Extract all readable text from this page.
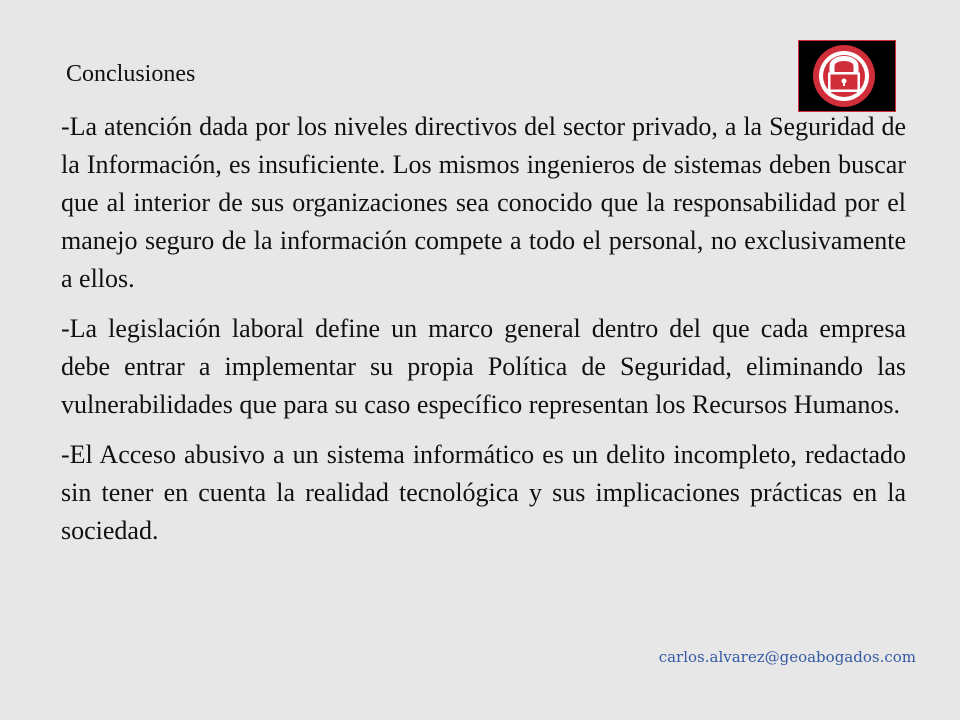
Conclusiones

-La atención dada por los niveles directivos del sector privado, a la Seguridad de la Información, es insuficiente. Los mismos ingenieros de sistemas deben buscar que al interior de sus organizaciones sea conocido que la responsabilidad por el manejo seguro de la información compete a todo el personal, no exclusivamente a ellos.

-La legislación laboral define un marco general dentro del que cada empresa debe entrar a implementar su propia Política de Seguridad, eliminando las vulnerabilidades que para su caso específico representan los Recursos Humanos.

-El Acceso abusivo a un sistema informático es un delito incompleto, redactado sin tener en cuenta la realidad tecnológica y sus implicaciones prácticas en la sociedad.

carlos.alvarez@geoabogados.com
